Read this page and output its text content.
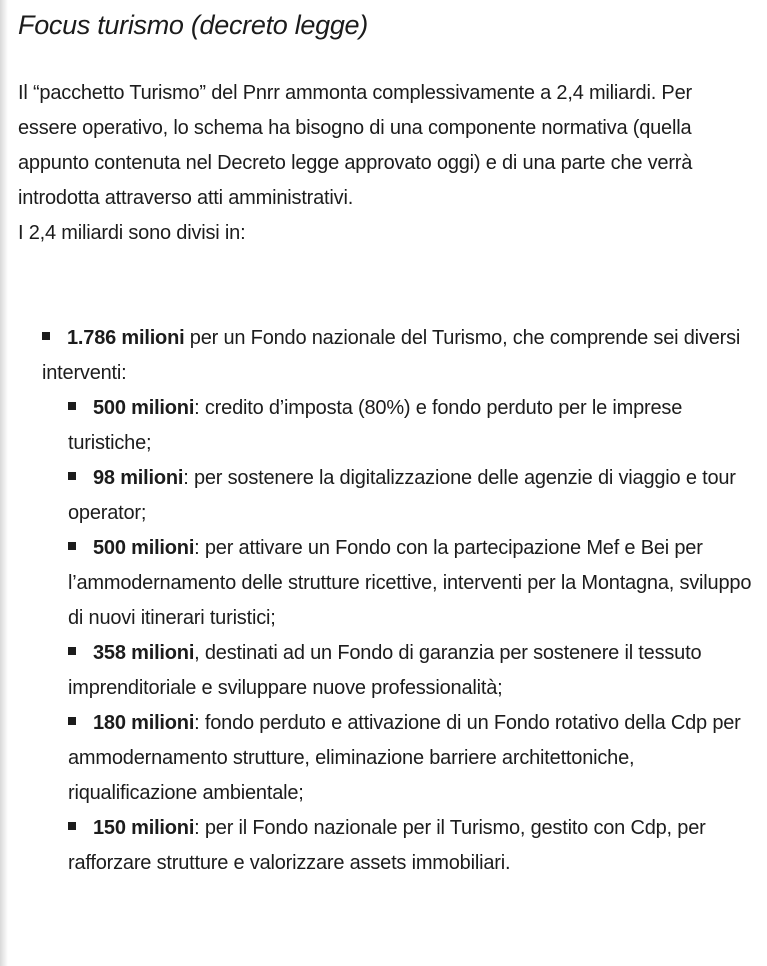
Focus turismo (decreto legge)

Il “pacchetto Turismo” del Pnrr ammonta complessivamente a 2,4 miliardi. Per essere operativo, lo schema ha bisogno di una componente normativa (quella appunto contenuta nel Decreto legge approvato oggi) e di una parte che verrà introdotta attraverso atti amministrativi.

I 2,4 miliardi sono divisi in:

1.786 milioni per un Fondo nazionale del Turismo, che comprende sei diversi interventi:
500 milioni: credito d’imposta (80%) e fondo perduto per le imprese turistiche;
98 milioni: per sostenere la digitalizzazione delle agenzie di viaggio e tour operator;
500 milioni: per attivare un Fondo con la partecipazione Mef e Bei per l’ammodernamento delle strutture ricettive, interventi per la Montagna, sviluppo di nuovi itinerari turistici;
358 milioni, destinati ad un Fondo di garanzia per sostenere il tessuto imprenditoriale e sviluppare nuove professionalità;
180 milioni: fondo perduto e attivazione di un Fondo rotativo della Cdp per ammodernamento strutture, eliminazione barriere architettoniche, riqualificazione ambientale;
150 milioni: per il Fondo nazionale per il Turismo, gestito con Cdp, per rafforzare strutture e valorizzare assets immobiliari.
